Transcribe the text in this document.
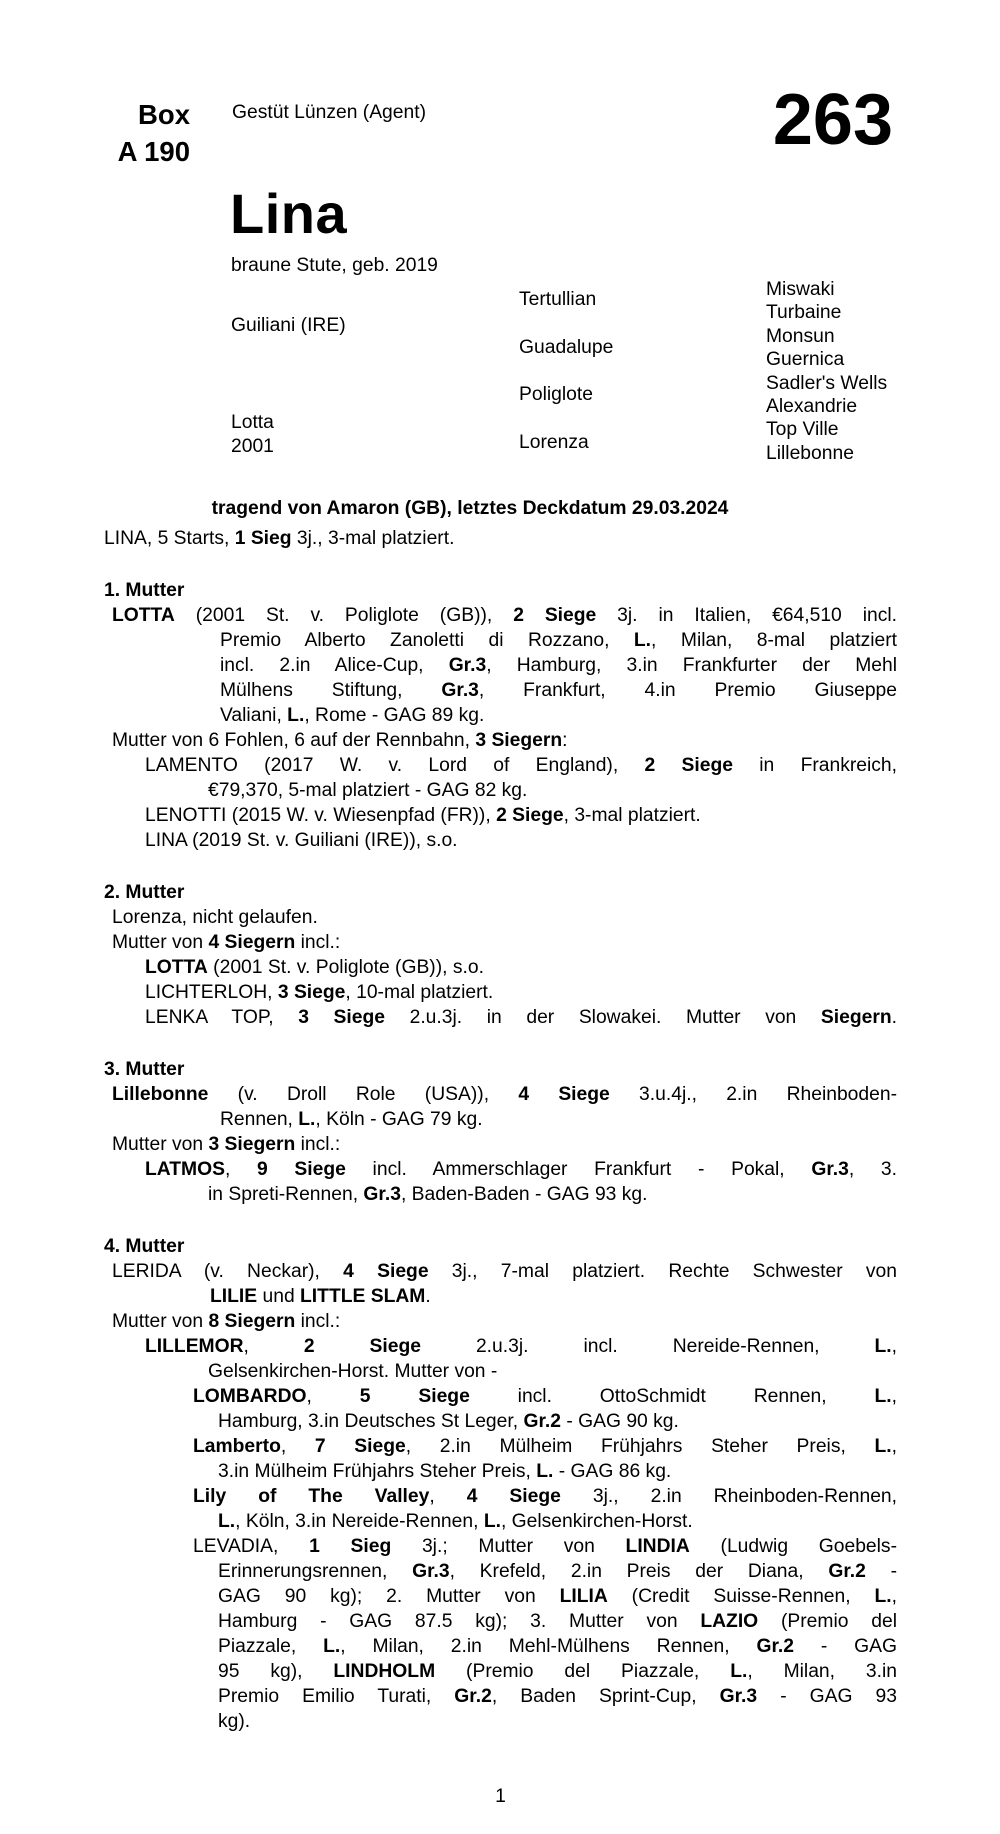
Box
A 190
Gestüt Lünzen (Agent)	263
Lina
braune Stute, geb. 2019
Guiliani (IRE)
Lotta
2001
Tertullian
Guadalupe
Poliglote
Lorenza
Miswaki
Turbaine
Monsun
Guernica
Sadler's Wells
Alexandrie
Top Ville
Lillebonne
tragend von Amaron (GB), letztes Deckdatum 29.03.2024
LINA, 5 Starts, 1 Sieg 3j., 3-mal platziert.
1. Mutter
LOTTA (2001 St. v. Poliglote (GB)), 2 Siege 3j. in Italien, €64,510 incl.
Premio Alberto Zanoletti di Rozzano, L., Milan, 8-mal platziert
incl. 2.in Alice-Cup, Gr.3, Hamburg, 3.in Frankfurter der Mehl
Mülhens Stiftung, Gr.3, Frankfurt, 4.in Premio Giuseppe
Valiani, L., Rome - GAG 89 kg.
Mutter von 6 Fohlen, 6 auf der Rennbahn, 3 Siegern:
LAMENTO (2017 W. v. Lord of England), 2 Siege in Frankreich,
€79,370, 5-mal platziert - GAG 82 kg.
LENOTTI (2015 W. v. Wiesenpfad (FR)), 2 Siege, 3-mal platziert.
LINA (2019 St. v. Guiliani (IRE)), s.o.
2. Mutter
Lorenza, nicht gelaufen.
Mutter von 4 Siegern incl.:
LOTTA (2001 St. v. Poliglote (GB)), s.o.
LICHTERLOH, 3 Siege, 10-mal platziert.
LENKA TOP, 3 Siege 2.u.3j. in der Slowakei. Mutter von Siegern.
3. Mutter
Lillebonne (v. Droll Role (USA)), 4 Siege 3.u.4j., 2.in Rheinboden-
Rennen, L., Köln - GAG 79 kg.
Mutter von 3 Siegern incl.:
LATMOS, 9 Siege incl. Ammerschlager Frankfurt - Pokal, Gr.3, 3.
in Spreti-Rennen, Gr.3, Baden-Baden - GAG 93 kg.
4. Mutter
LERIDA (v. Neckar), 4 Siege 3j., 7-mal platziert. Rechte Schwester von
LILIE und LITTLE SLAM.
Mutter von 8 Siegern incl.:
LILLEMOR, 2 Siege 2.u.3j. incl. Nereide-Rennen, L.,
Gelsenkirchen-Horst. Mutter von -
LOMBARDO, 5 Siege incl. OttoSchmidt Rennen, L.,
Hamburg, 3.in Deutsches St Leger, Gr.2 - GAG 90 kg.
Lamberto, 7 Siege, 2.in Mülheim Frühjahrs Steher Preis, L.,
3.in Mülheim Frühjahrs Steher Preis, L. - GAG 86 kg.
Lily of The Valley, 4 Siege 3j., 2.in Rheinboden-Rennen,
L., Köln, 3.in Nereide-Rennen, L., Gelsenkirchen-Horst.
LEVADIA, 1 Sieg 3j.; Mutter von LINDIA (Ludwig Goebels-
Erinnerungsrennen, Gr.3, Krefeld, 2.in Preis der Diana, Gr.2 -
GAG 90 kg); 2. Mutter von LILIA (Credit Suisse-Rennen, L.,
Hamburg - GAG 87.5 kg); 3. Mutter von LAZIO (Premio del
Piazzale, L., Milan, 2.in Mehl-Mülhens Rennen, Gr.2 - GAG
95 kg), LINDHOLM (Premio del Piazzale, L., Milan, 3.in
Premio Emilio Turati, Gr.2, Baden Sprint-Cup, Gr.3 - GAG 93
kg).
1
